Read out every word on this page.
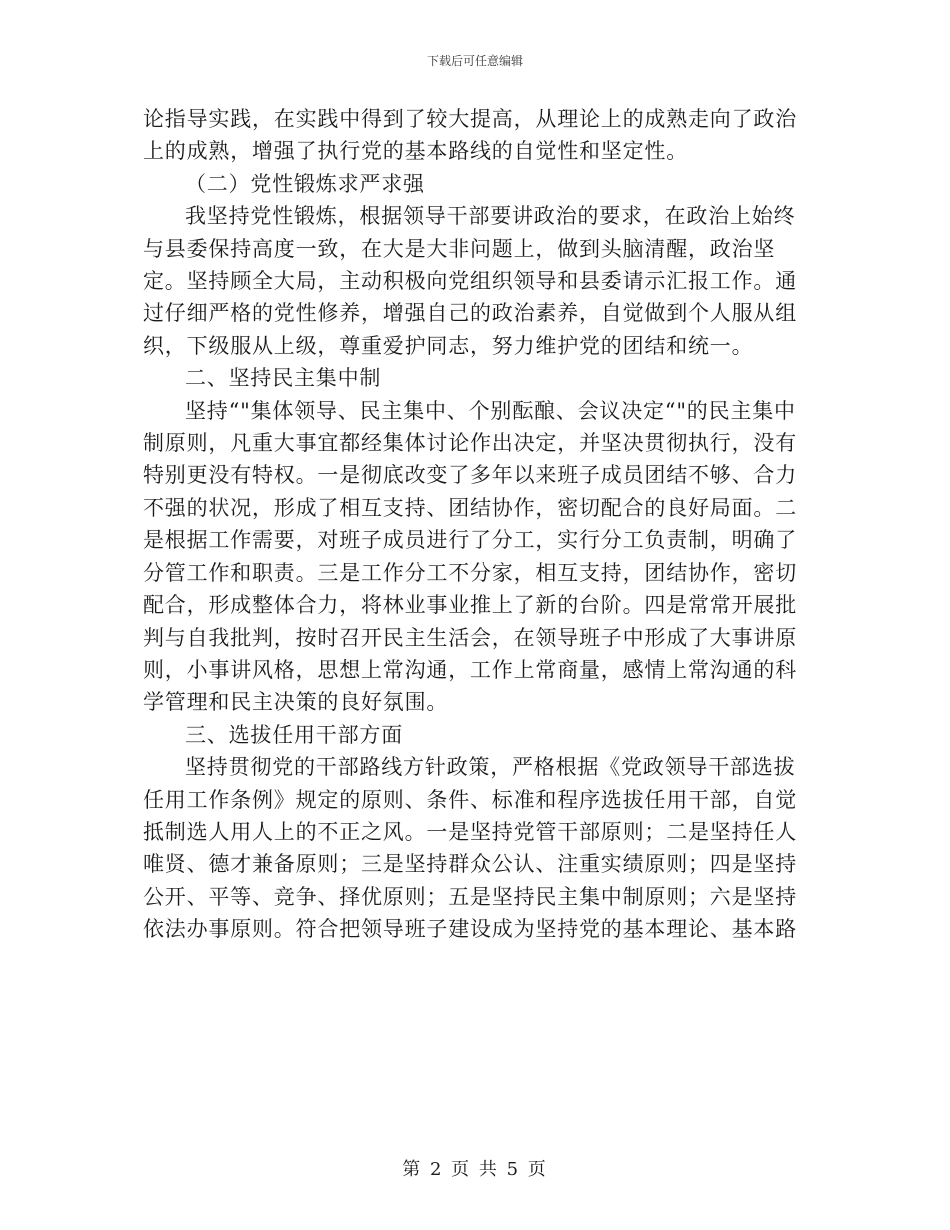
下载后可任意编辑

论指导实践，在实践中得到了较大提高，从理论上的成熟走向了政治上的成熟，增强了执行党的基本路线的自觉性和坚定性。

（二）党性锻炼求严求强

我坚持党性锻炼，根据领导干部要讲政治的要求，在政治上始终与县委保持高度一致，在大是大非问题上，做到头脑清醒，政治坚定。坚持顾全大局，主动积极向党组织领导和县委请示汇报工作。通过仔细严格的党性修养，增强自己的政治素养，自觉做到个人服从组织，下级服从上级，尊重爱护同志，努力维护党的团结和统一。

二、坚持民主集中制

坚持“"集体领导、民主集中、个别酝酿、会议决定“"的民主集中制原则，凡重大事宜都经集体讨论作出决定，并坚决贯彻执行，没有特别更没有特权。一是彻底改变了多年以来班子成员团结不够、合力不强的状况，形成了相互支持、团结协作，密切配合的良好局面。二是根据工作需要，对班子成员进行了分工，实行分工负责制，明确了分管工作和职责。三是工作分工不分家，相互支持，团结协作，密切配合，形成整体合力，将林业事业推上了新的台阶。四是常常开展批判与自我批判，按时召开民主生活会，在领导班子中形成了大事讲原则，小事讲风格，思想上常沟通，工作上常商量，感情上常沟通的科学管理和民主决策的良好氛围。

三、选拔任用干部方面

坚持贯彻党的干部路线方针政策，严格根据《党政领导干部选拔任用工作条例》规定的原则、条件、标准和程序选拔任用干部，自觉抵制选人用人上的不正之风。一是坚持党管干部原则；二是坚持任人唯贤、德才兼备原则；三是坚持群众公认、注重实绩原则；四是坚持公开、平等、竞争、择优原则；五是坚持民主集中制原则；六是坚持依法办事原则。符合把领导班子建设成为坚持党的基本理论、基本路

第 2 页 共 5 页
